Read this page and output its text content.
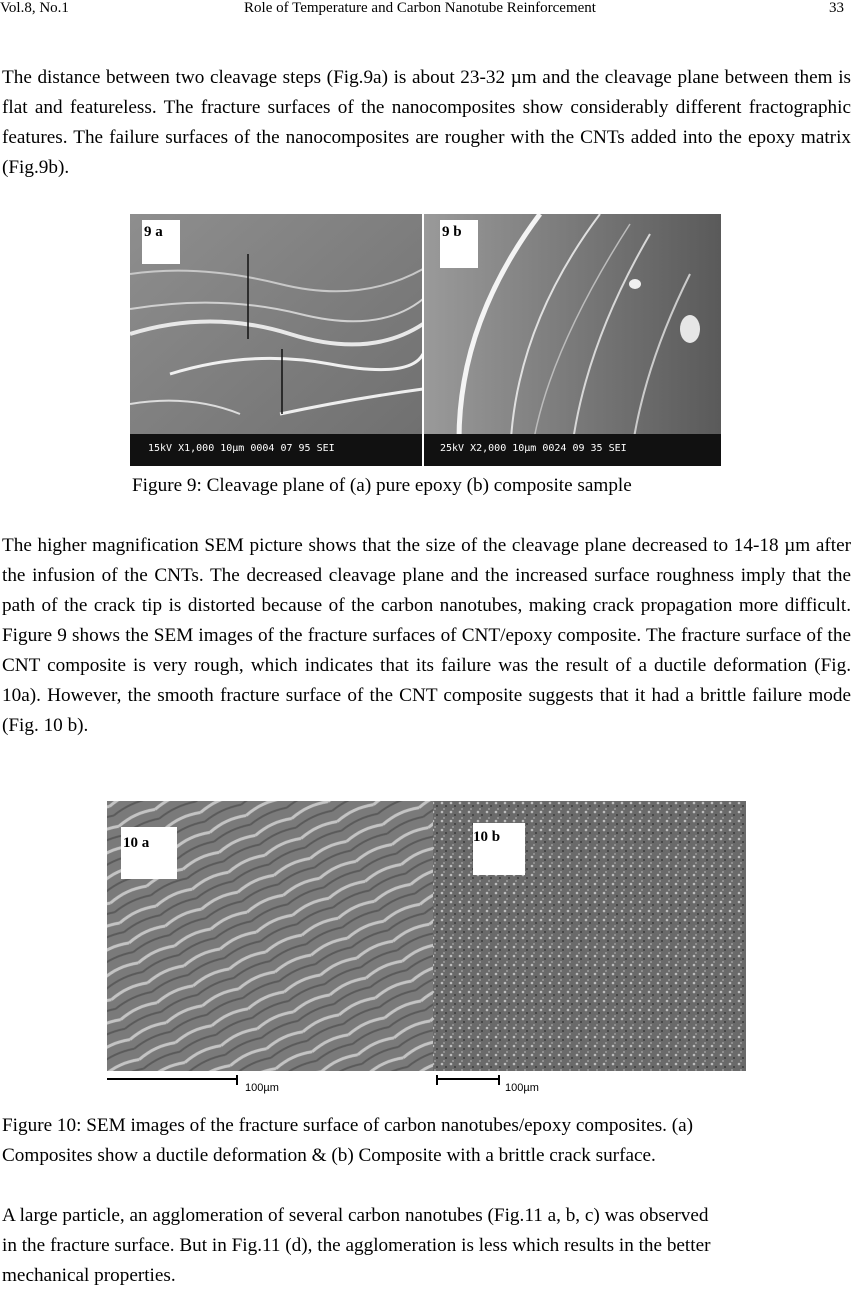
Vol.8, No.1	Role of Temperature and Carbon Nanotube Reinforcement	33

The distance between two cleavage steps (Fig.9a) is about 23-32 µm and the cleavage plane between them is flat and featureless. The fracture surfaces of the nanocomposites show considerably different fractographic features. The failure surfaces of the nanocomposites are rougher with the CNTs added into the epoxy matrix (Fig.9b).

9 a	9 b
15kV X1,000 10µm 0004 07 95 SEI	25kV X2,000 10µm 0024 09 35 SEI

Figure 9: Cleavage plane of (a) pure epoxy (b) composite sample

The higher magnification SEM picture shows that the size of the cleavage plane decreased to 14-18 µm after the infusion of the CNTs. The decreased cleavage plane and the increased surface roughness imply that the path of the crack tip is distorted because of the carbon nanotubes, making crack propagation more difficult. Figure 9 shows the SEM images of the fracture surfaces of CNT/epoxy composite. The fracture surface of the CNT composite is very rough, which indicates that its failure was the result of a ductile deformation (Fig. 10a). However, the smooth fracture surface of the CNT composite suggests that it had a brittle failure mode (Fig. 10 b).

10 a	10 b
100µm	100µm

Figure 10: SEM images of the fracture surface of carbon nanotubes/epoxy composites. (a)

Composites show a ductile deformation & (b) Composite with a brittle crack surface.

A large particle, an agglomeration of several carbon nanotubes (Fig.11 a, b, c) was observed

in the fracture surface. But in Fig.11 (d), the agglomeration is less which results in the better

mechanical properties.
